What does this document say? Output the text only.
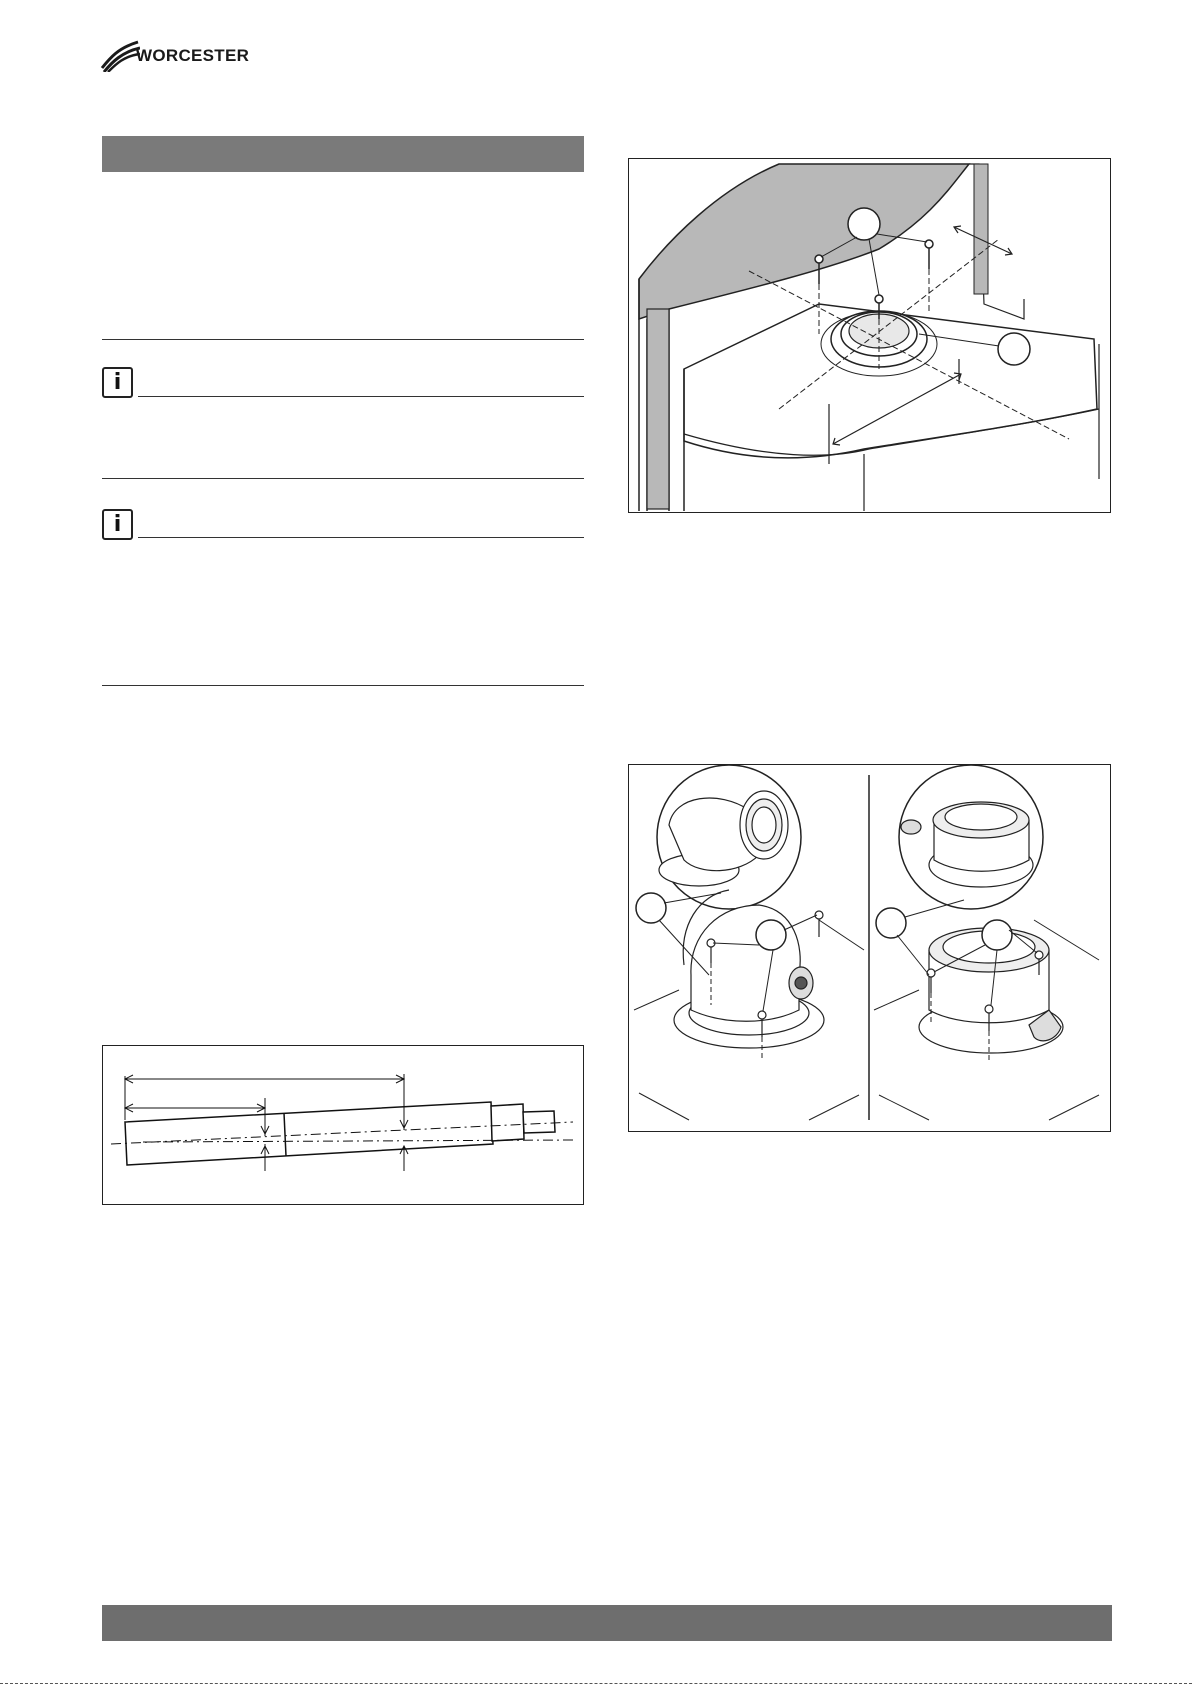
WORCESTER
i
i
